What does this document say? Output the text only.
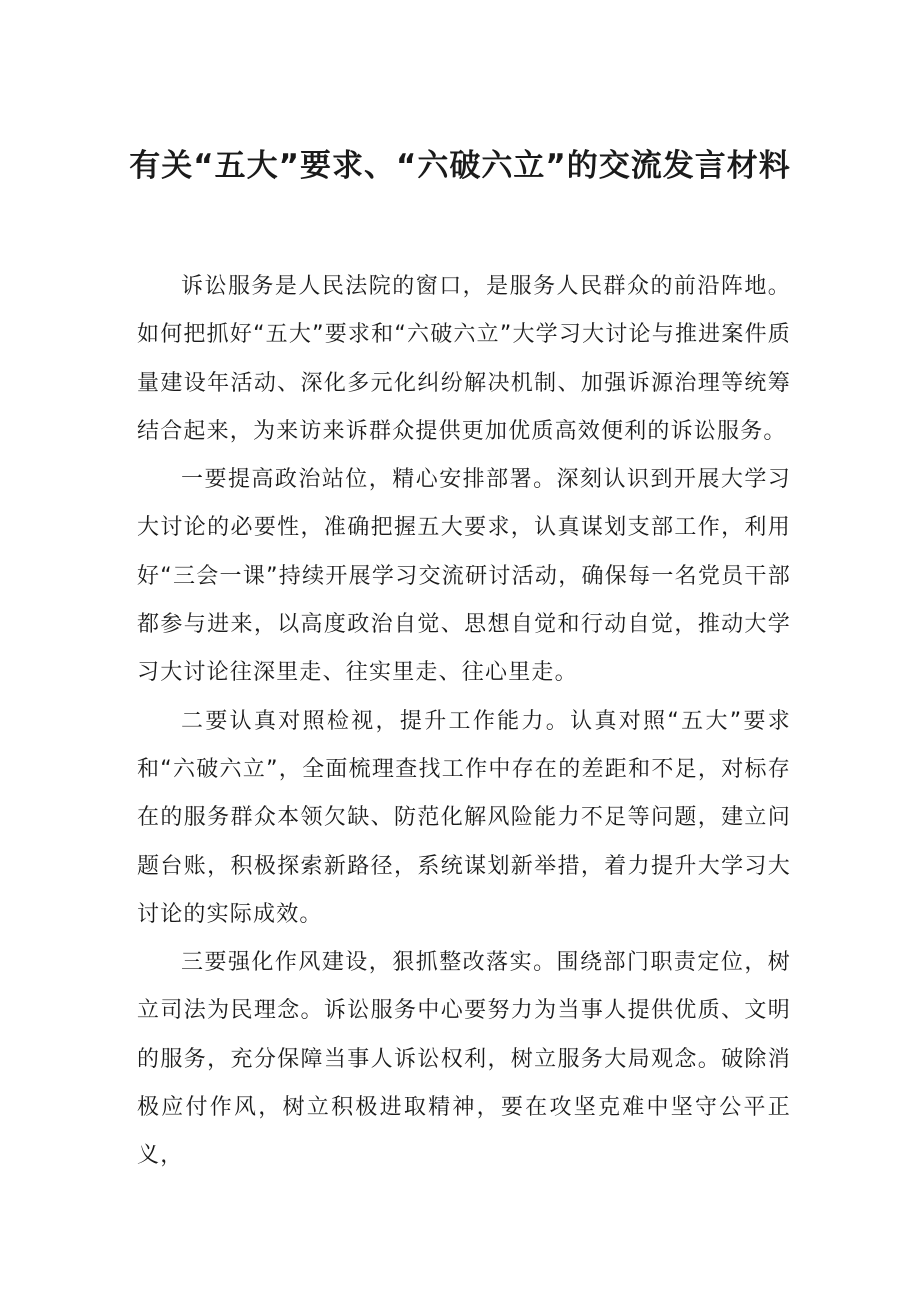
有关“五大”要求、“六破六立”的交流发言材料

诉讼服务是人民法院的窗口，是服务人民群众的前沿阵地。如何把抓好“五大”要求和“六破六立”大学习大讨论与推进案件质量建设年活动、深化多元化纠纷解决机制、加强诉源治理等统筹结合起来，为来访来诉群众提供更加优质高效便利的诉讼服务。

一要提高政治站位，精心安排部署。深刻认识到开展大学习大讨论的必要性，准确把握五大要求，认真谋划支部工作，利用好“三会一课”持续开展学习交流研讨活动，确保每一名党员干部都参与进来，以高度政治自觉、思想自觉和行动自觉，推动大学习大讨论往深里走、往实里走、往心里走。

二要认真对照检视，提升工作能力。认真对照“五大”要求和“六破六立”，全面梳理查找工作中存在的差距和不足，对标存在的服务群众本领欠缺、防范化解风险能力不足等问题，建立问题台账，积极探索新路径，系统谋划新举措，着力提升大学习大讨论的实际成效。

三要强化作风建设，狠抓整改落实。围绕部门职责定位，树立司法为民理念。诉讼服务中心要努力为当事人提供优质、文明的服务，充分保障当事人诉讼权利，树立服务大局观念。破除消极应付作风，树立积极进取精神，要在攻坚克难中坚守公平正义，
